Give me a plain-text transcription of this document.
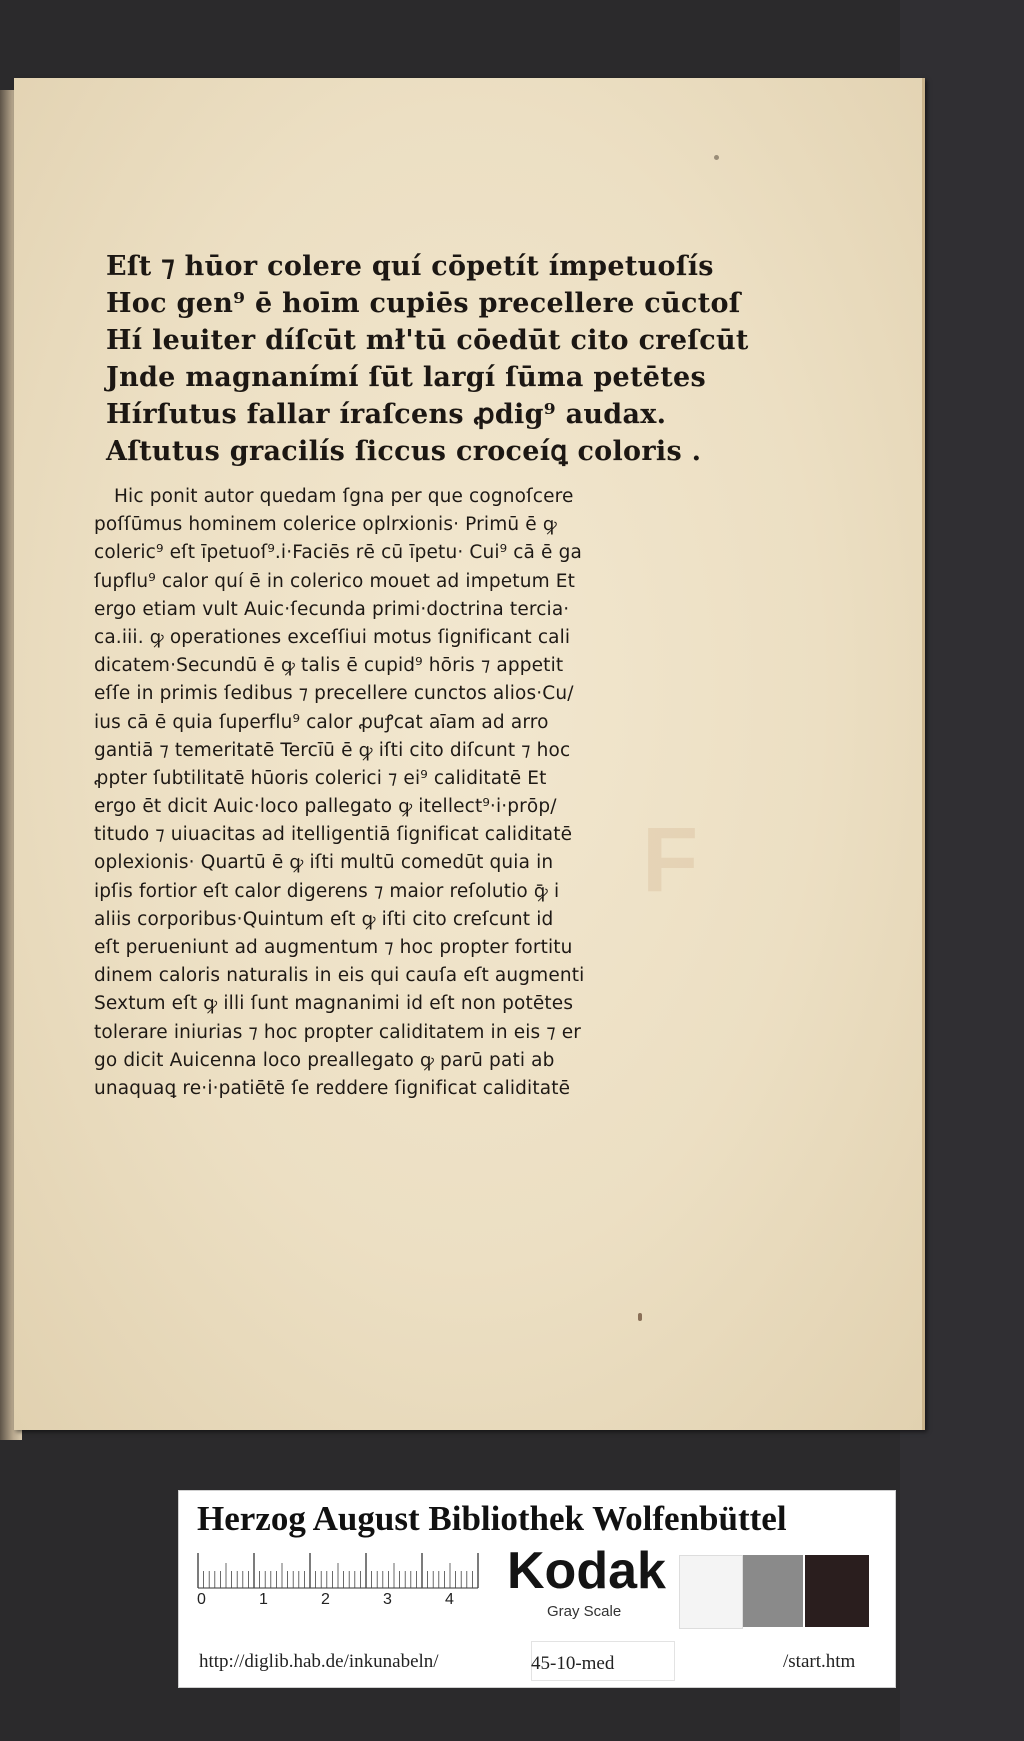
F
Eſt ⁊ hūor colere quí cōpetít ímpetuoſís
Hoc gen⁹ ē hoīm cupiēs precellere cūctoſ
Hí leuiter díſcūt mł'tū cōedūt cito creſcūt
Jnde magnanímí ſūt largí ſūma petētes
Hírſutus fallar íraſcens ꝓdig⁹ audax.
Aſtutus gracilís ſiccus croceíꝗ coloris .
Hic ponit autor quedam ſgna per que cognoſcere
poſſūmus hominem colerice oplrxionis· Primū ē ꝙ
coleric⁹ eſt īpetuoſ⁹.i·Faciēs rē cū īpetu· Cui⁹ cā ē ga
ſupflu⁹ calor quí ē in colerico mouet ad impetum Et
ergo etiam vult Auic·ſecunda primi·doctrina tercia·
ca.iii. ꝙ operationes exceſſiui motus ſignificant cali
dicatem·Secundū ē ꝙ talis ē cupid⁹ hōris ⁊ appetit
eſſe in primis ſedibus ⁊ precellere cunctos alios·Cu/
ius cā ē quia ſuperflu⁹ calor ꝓuꝭcat aīam ad arro
gantiā ⁊ temeritatē Tercīū ē ꝙ iſti cito diſcunt ⁊ hoc
ꝓpter ſubtilitatē hūoris colerici ⁊ ei⁹ caliditatē Et
ergo ēt dicit Auic·loco pallegato ꝙ itellect⁹·i·prōp/
titudo ⁊ uiuacitas ad itelligentiā ſignificat caliditatē
oplexionis· Quartū ē ꝙ iſti multū comedūt quia in
ipſis fortior eſt calor digerens ⁊ maior reſolutio ꝙ̄ i
aliis corporibus·Quintum eſt ꝙ iſti cito creſcunt id
eſt perueniunt ad augmentum ⁊ hoc propter fortitu
dinem caloris naturalis in eis qui cauſa eſt augmenti
Sextum eſt ꝙ illi ſunt magnanimi id eſt non potētes
tolerare iniurias ⁊ hoc propter caliditatem in eis ⁊ er
go dicit Auicenna loco preallegato ꝙ parū pati ab
unaquaꝗ re·i·patiētē ſe reddere ſignificat caliditatē
Herzog August Bibliothek Wolfenbüttel
0	1	2	3	4 Kodak
Gray Scale
http://diglib.hab.de/inkunabeln/	45-10-med	/start.htm
